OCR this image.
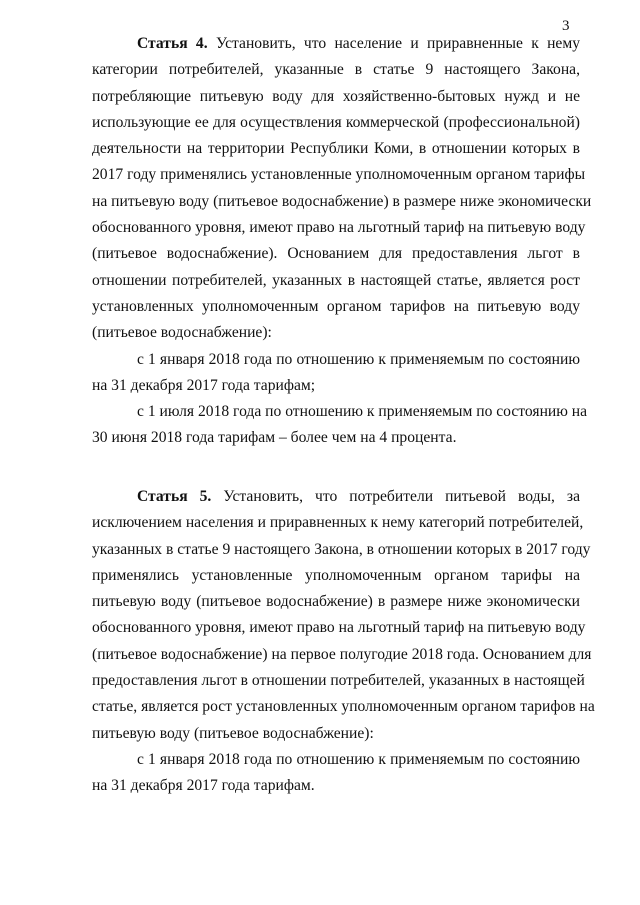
3
Статья 4. Установить, что население и приравненные к нему
категории потребителей, указанные в статье 9 настоящего Закона,
потребляющие питьевую воду для хозяйственно-бытовых нужд и не
использующие ее для осуществления коммерческой (профессиональной)
деятельности на территории Республики Коми, в отношении которых в
2017 году применялись установленные уполномоченным органом тарифы
на питьевую воду (питьевое водоснабжение) в размере ниже экономически
обоснованного уровня, имеют право на льготный тариф на питьевую воду
(питьевое водоснабжение). Основанием для предоставления льгот в
отношении потребителей, указанных в настоящей статье, является рост
установленных уполномоченным органом тарифов на питьевую воду
(питьевое водоснабжение):
с 1 января 2018 года по отношению к применяемым по состоянию
на 31 декабря 2017 года тарифам;
с 1 июля 2018 года по отношению к применяемым по состоянию на
30 июня 2018 года тарифам – более чем на 4 процента.
Статья 5. Установить, что потребители питьевой воды, за
исключением населения и приравненных к нему категорий потребителей,
указанных в статье 9 настоящего Закона, в отношении которых в 2017 году
применялись установленные уполномоченным органом тарифы на
питьевую воду (питьевое водоснабжение) в размере ниже экономически
обоснованного уровня, имеют право на льготный тариф на питьевую воду
(питьевое водоснабжение) на первое полугодие 2018 года. Основанием для
предоставления льгот в отношении потребителей, указанных в настоящей
статье, является рост установленных уполномоченным органом тарифов на
питьевую воду (питьевое водоснабжение):
с 1 января 2018 года по отношению к применяемым по состоянию
на 31 декабря 2017 года тарифам.
